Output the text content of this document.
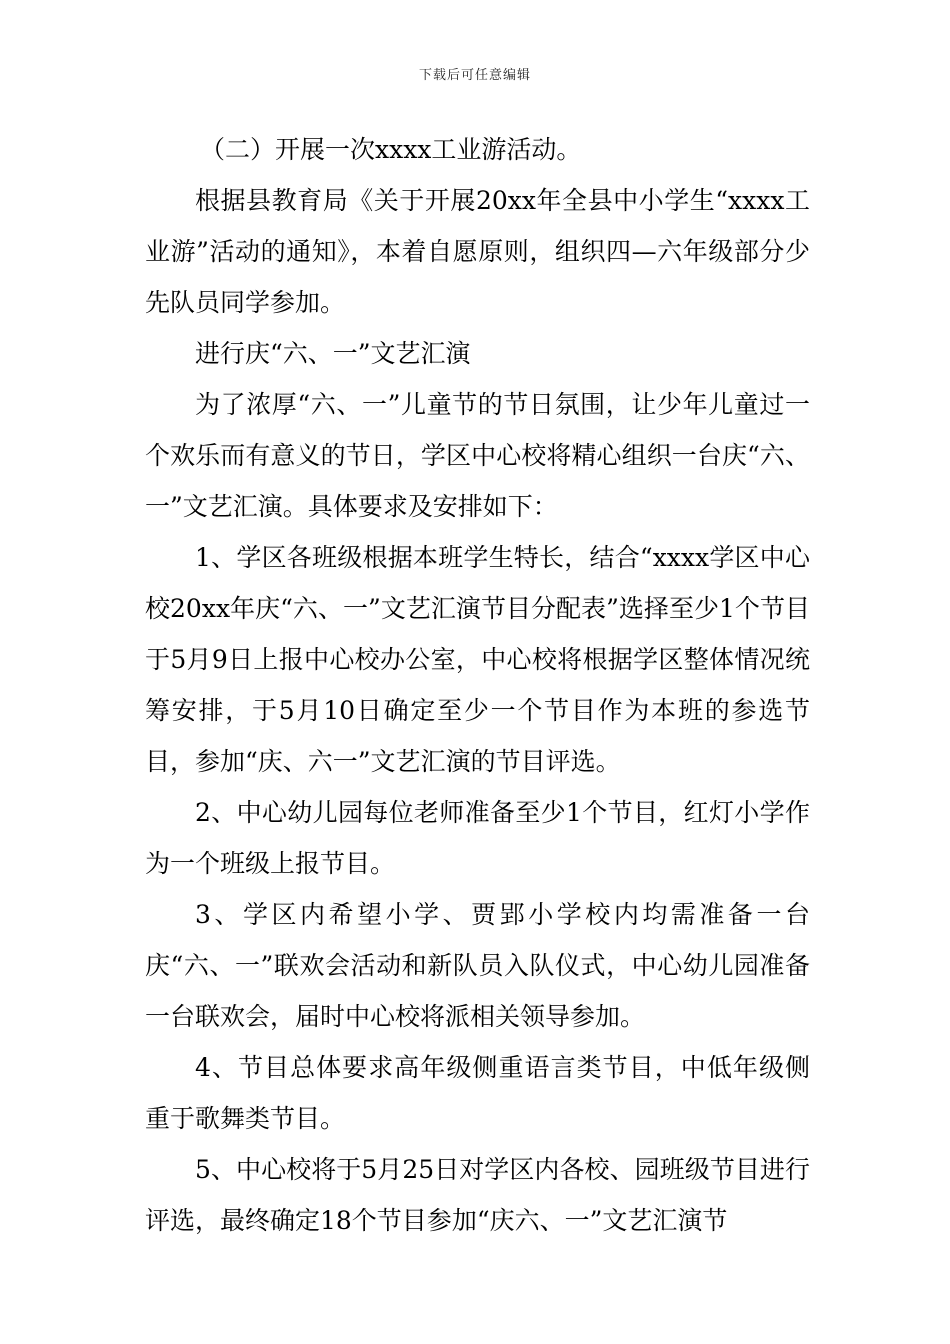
下载后可任意编辑

（二）开展一次xxxx工业游活动。

根据县教育局《关于开展20xx年全县中小学生“xxxx工业游”活动的通知》，本着自愿原则，组织四—六年级部分少先队员同学参加。

进行庆“六、一”文艺汇演

为了浓厚“六、一”儿童节的节日氛围，让少年儿童过一个欢乐而有意义的节日，学区中心校将精心组织一台庆“六、一”文艺汇演。具体要求及安排如下：

1、学区各班级根据本班学生特长，结合“xxxx学区中心校20xx年庆“六、一”文艺汇演节目分配表”选择至少1个节目于5月9日上报中心校办公室，中心校将根据学区整体情况统筹安排，于5月10日确定至少一个节目作为本班的参选节目，参加“庆、六一”文艺汇演的节目评选。

2、中心幼儿园每位老师准备至少1个节目，红灯小学作为一个班级上报节目。

3、学区内希望小学、贾郢小学校内均需准备一台庆“六、一”联欢会活动和新队员入队仪式，中心幼儿园准备一台联欢会，届时中心校将派相关领导参加。

4、节目总体要求高年级侧重语言类节目，中低年级侧重于歌舞类节目。

5、中心校将于5月25日对学区内各校、园班级节目进行评选，最终确定18个节目参加“庆六、一”文艺汇演节
